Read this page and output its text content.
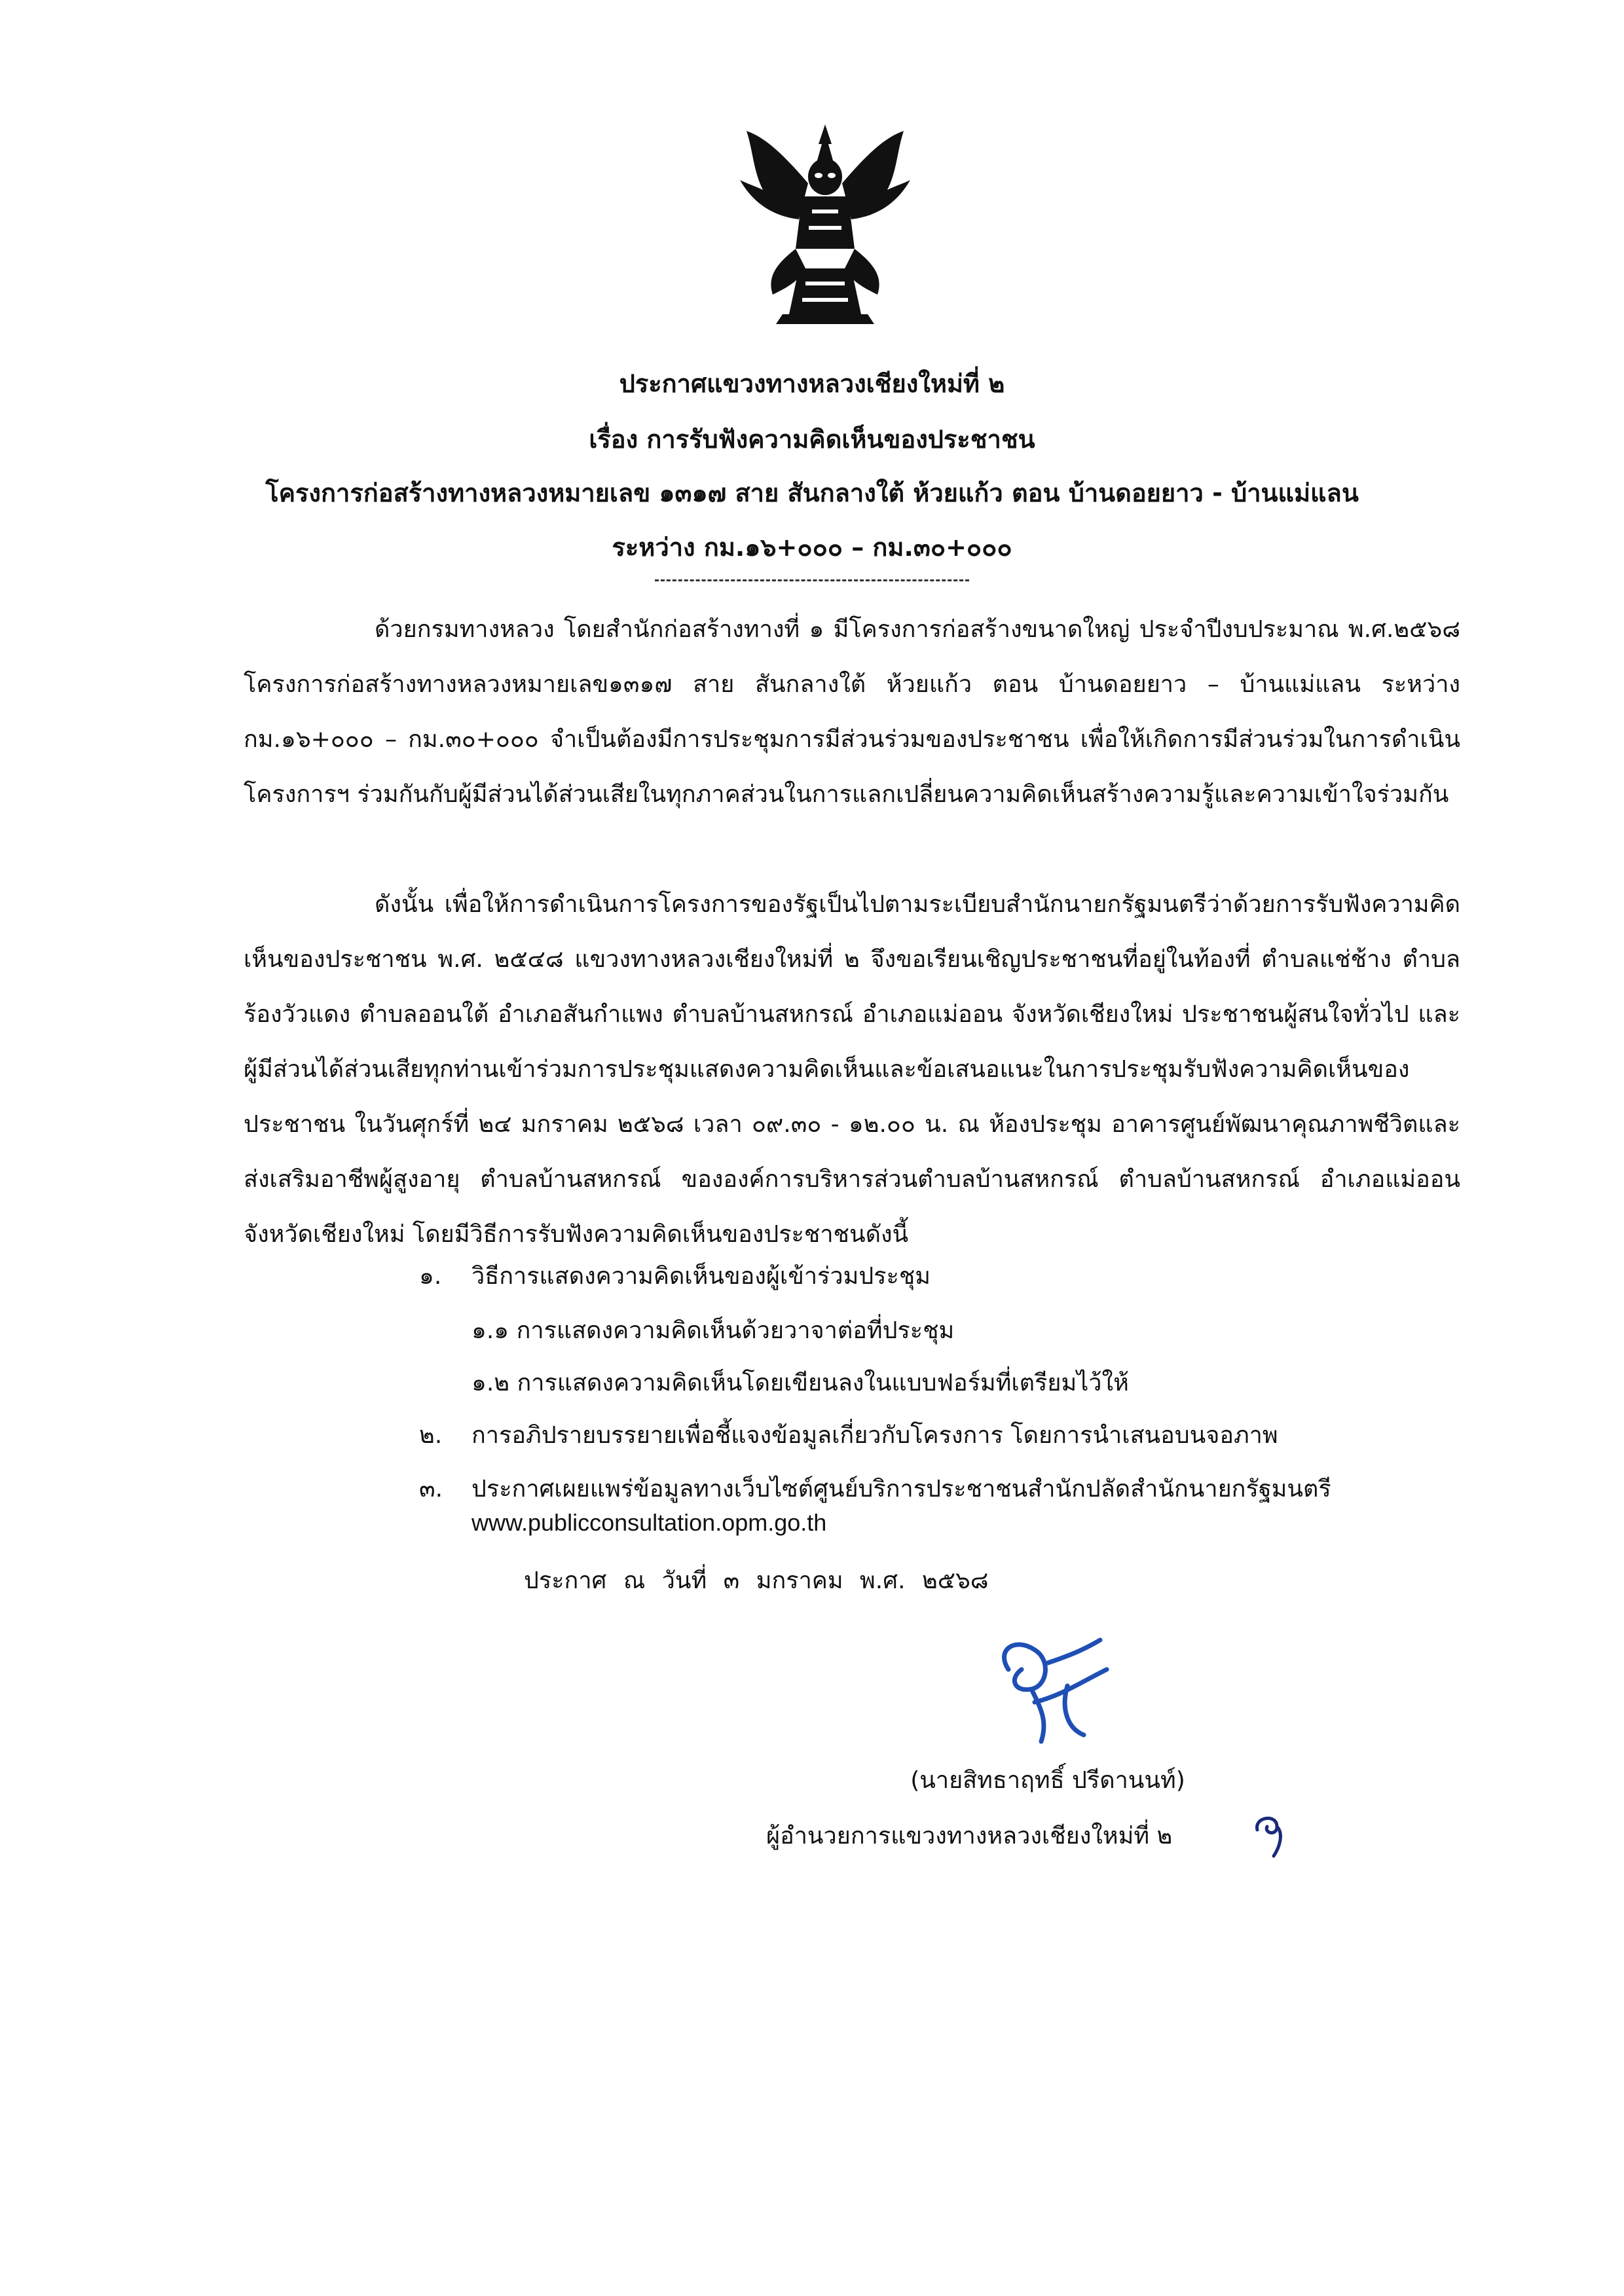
ประกาศแขวงทางหลวงเชียงใหม่ที่ ๒
เรื่อง การรับฟังความคิดเห็นของประชาชน
โครงการก่อสร้างทางหลวงหมายเลข ๑๓๑๗ สาย สันกลางใต้ ห้วยแก้ว ตอน บ้านดอยยาว - บ้านแม่แลน
ระหว่าง กม.๑๖+๐๐๐ – กม.๓๐+๐๐๐

ด้วยกรมทางหลวง โดยสำนักก่อสร้างทางที่ ๑ มีโครงการก่อสร้างขนาดใหญ่ ประจำปีงบประมาณ พ.ศ.๒๕๖๘ โครงการก่อสร้างทางหลวงหมายเลข๑๓๑๗ สาย สันกลางใต้ ห้วยแก้ว ตอน บ้านดอยยาว – บ้านแม่แลน ระหว่าง กม.๑๖+๐๐๐ – กม.๓๐+๐๐๐ จำเป็นต้องมีการประชุมการมีส่วนร่วมของประชาชน เพื่อให้เกิดการมีส่วนร่วมในการดำเนินโครงการฯ ร่วมกันกับผู้มีส่วนได้ส่วนเสียในทุกภาคส่วนในการแลกเปลี่ยนความคิดเห็นสร้างความรู้และความเข้าใจร่วมกัน

ดังนั้น เพื่อให้การดำเนินการโครงการของรัฐเป็นไปตามระเบียบสำนักนายกรัฐมนตรีว่าด้วยการรับฟังความคิดเห็นของประชาชน พ.ศ. ๒๕๔๘ แขวงทางหลวงเชียงใหม่ที่ ๒ จึงขอเรียนเชิญประชาชนที่อยู่ในท้องที่ ตำบลแช่ช้าง ตำบลร้องวัวแดง ตำบลออนใต้ อำเภอสันกำแพง ตำบลบ้านสหกรณ์ อำเภอแม่ออน จังหวัดเชียงใหม่ ประชาชนผู้สนใจทั่วไป และผู้มีส่วนได้ส่วนเสียทุกท่านเข้าร่วมการประชุมแสดงความคิดเห็นและข้อเสนอแนะในการประชุมรับฟังความคิดเห็นของประชาชน ในวันศุกร์ที่ ๒๔ มกราคม ๒๕๖๘ เวลา ๐๙.๓๐ - ๑๒.๐๐ น. ณ ห้องประชุม อาคารศูนย์พัฒนาคุณภาพชีวิตและส่งเสริมอาชีพผู้สูงอายุ ตำบลบ้านสหกรณ์ ขององค์การบริหารส่วนตำบลบ้านสหกรณ์ ตำบลบ้านสหกรณ์ อำเภอแม่ออน จังหวัดเชียงใหม่ โดยมีวิธีการรับฟังความคิดเห็นของประชาชนดังนี้

๑. วิธีการแสดงความคิดเห็นของผู้เข้าร่วมประชุม
๑.๑ การแสดงความคิดเห็นด้วยวาจาต่อที่ประชุม
๑.๒ การแสดงความคิดเห็นโดยเขียนลงในแบบฟอร์มที่เตรียมไว้ให้
๒. การอภิปรายบรรยายเพื่อชี้แจงข้อมูลเกี่ยวกับโครงการ โดยการนำเสนอบนจอภาพ
๓. ประกาศเผยแพร่ข้อมูลทางเว็บไซต์ศูนย์บริการประชาชนสำนักปลัดสำนักนายกรัฐมนตรี
www.publicconsultation.opm.go.th
ประกาศ ณ วันที่ ๓ มกราคม พ.ศ. ๒๕๖๘
(นายสิทธาฤทธิ์ ปรีดานนท์)
ผู้อำนวยการแขวงทางหลวงเชียงใหม่ที่ ๒
